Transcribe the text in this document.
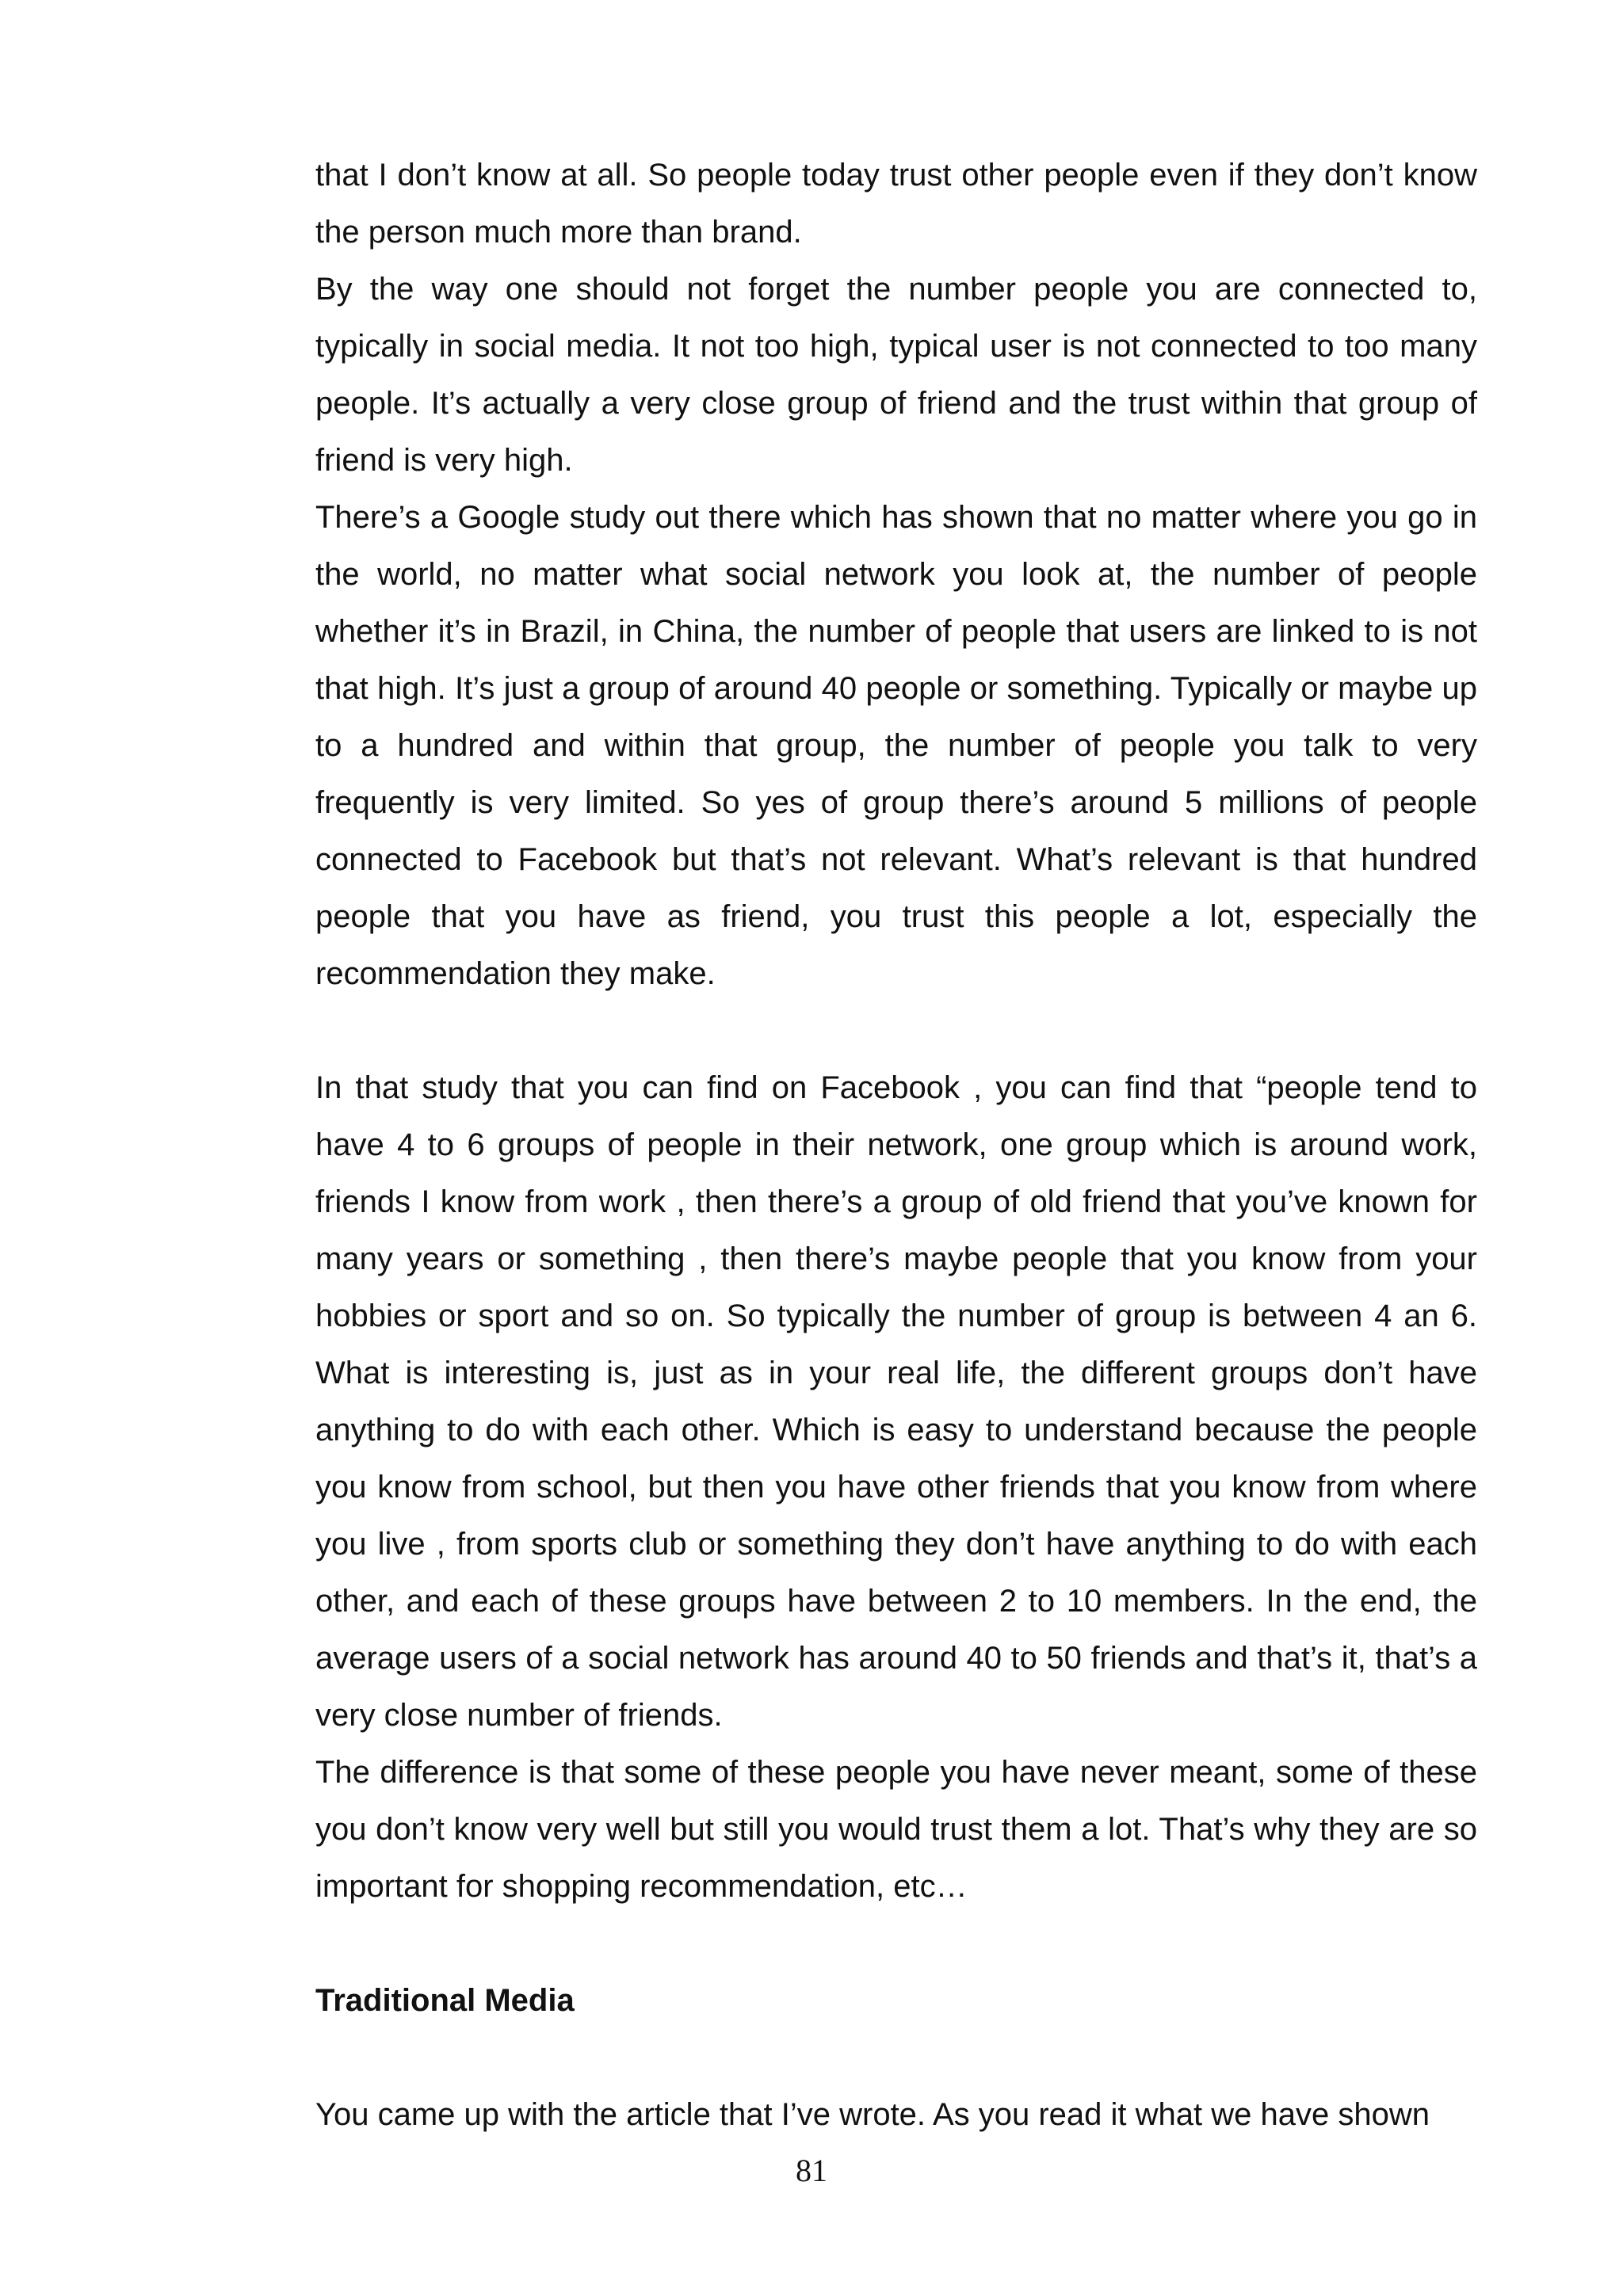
that I don’t know at all. So people today trust other people even if they don’t know the person much more than brand.

By the way one should not forget the number people you are connected to, typically in social media. It not too high, typical user is not connected to too many people. It’s actually a very close group of friend and the trust within that group of friend is very high.

There’s a Google study out there which has shown that no matter where you go in the world, no matter what social network you look at, the number of people whether it’s in Brazil, in China, the number of people that users are linked to is not that high. It’s just a group of around 40 people or something. Typically or maybe up to a hundred and within that group, the number of people you talk to very frequently is very limited. So yes of group there’s around 5 millions of people connected to Facebook but that’s not relevant. What’s relevant is that hundred people that you have as friend, you trust this people a lot, especially the recommendation they make.

In that study that you can find on Facebook , you can find that “people tend to have 4 to 6 groups of people in their network, one group which is around work, friends I know from work , then there’s a group of old friend that you’ve known for many years or something , then there’s maybe people that you know from your hobbies or sport and so on. So typically the number of group is between 4 an 6. What is interesting is, just as in your real life, the different groups don’t have anything to do with each other. Which is easy to understand because the people you know from school, but then you have other friends that you know from where you live , from sports club or something they don’t have anything to do with each other, and each of these groups have between 2 to 10 members. In the end, the average users of a social network has around 40 to 50 friends and that’s it, that’s a very close number of friends.

The difference is that some of these people you have never meant, some of these you don’t know very well but still you would trust them a lot. That’s why they are so important for shopping recommendation, etc…

Traditional Media

You came up with the article that I’ve wrote. As you read it what we have shown

81
